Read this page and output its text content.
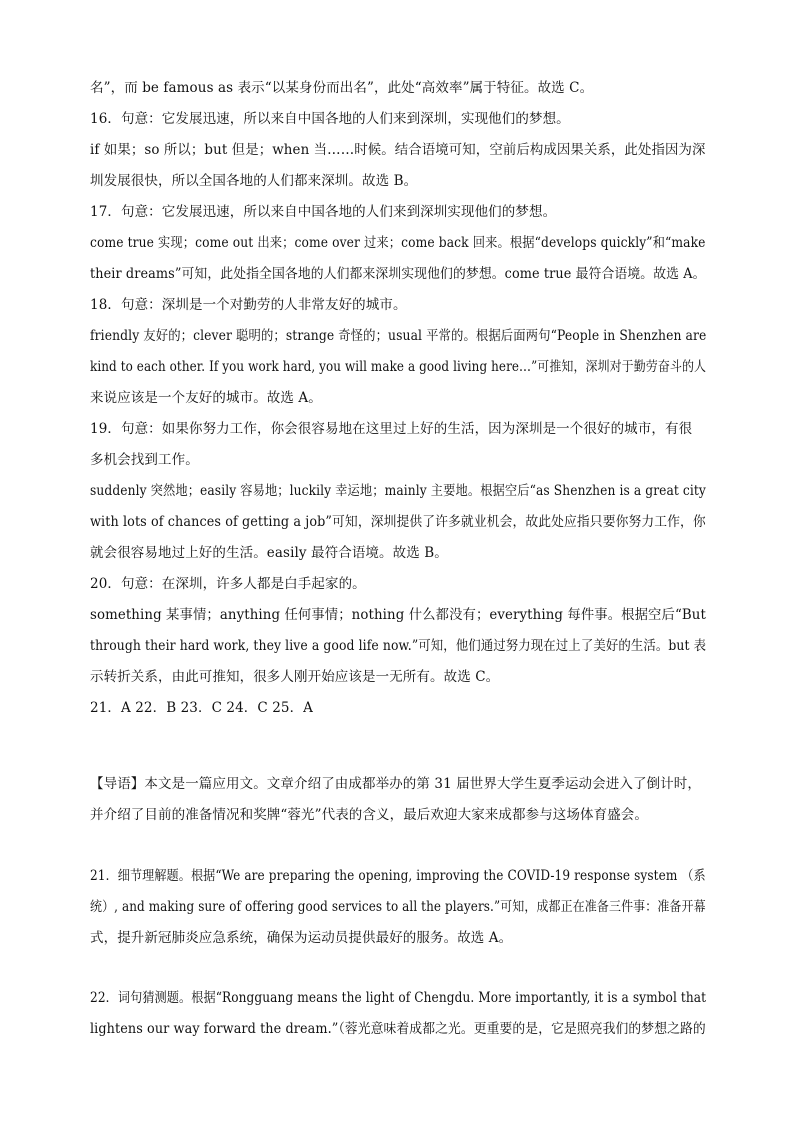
名”，而 be famous as 表示“以某身份而出名”，此处“高效率”属于特征。故选 C。
16．句意：它发展迅速，所以来自中国各地的人们来到深圳，实现他们的梦想。
if 如果；so 所以；but 但是；when 当……时候。结合语境可知，空前后构成因果关系，此处指因为深
圳发展很快，所以全国各地的人们都来深圳。故选 B。
17．句意：它发展迅速，所以来自中国各地的人们来到深圳实现他们的梦想。
come true 实现；come out 出来；come over 过来；come back 回来。根据“develops quickly”和“make
their dreams”可知，此处指全国各地的人们都来深圳实现他们的梦想。come true 最符合语境。故选 A。
18．句意：深圳是一个对勤劳的人非常友好的城市。
friendly 友好的；clever 聪明的；strange 奇怪的；usual 平常的。根据后面两句“People in Shenzhen are
kind to each other. If you work hard, you will make a good living here…”可推知，深圳对于勤劳奋斗的人
来说应该是一个友好的城市。故选 A。
19．句意：如果你努力工作，你会很容易地在这里过上好的生活，因为深圳是一个很好的城市，有很
多机会找到工作。
suddenly 突然地；easily 容易地；luckily 幸运地；mainly 主要地。根据空后“as Shenzhen is a great city
with lots of chances of getting a job”可知，深圳提供了许多就业机会，故此处应指只要你努力工作，你
就会很容易地过上好的生活。easily 最符合语境。故选 B。
20．句意：在深圳，许多人都是白手起家的。
something 某事情；anything 任何事情；nothing 什么都没有；everything 每件事。根据空后“But
through their hard work, they live a good life now.”可知，他们通过努力现在过上了美好的生活。but 表
示转折关系，由此可推知，很多人刚开始应该是一无所有。故选 C。
21．A 22．B 23．C 24．C 25．A
【导语】本文是一篇应用文。文章介绍了由成都举办的第 31 届世界大学生夏季运动会进入了倒计时，
并介绍了目前的准备情况和奖牌“蓉光”代表的含义，最后欢迎大家来成都参与这场体育盛会。
21．细节理解题。根据“We are preparing the opening, improving the COVID-19 response system （系
统）, and making sure of offering good services to all the players.”可知，成都正在准备三件事：准备开幕
式，提升新冠肺炎应急系统，确保为运动员提供最好的服务。故选 A。
22．词句猜测题。根据“Rongguang means the light of Chengdu. More importantly, it is a symbol that
lightens our way forward the dream.”（蓉光意味着成都之光。更重要的是，它是照亮我们的梦想之路的
